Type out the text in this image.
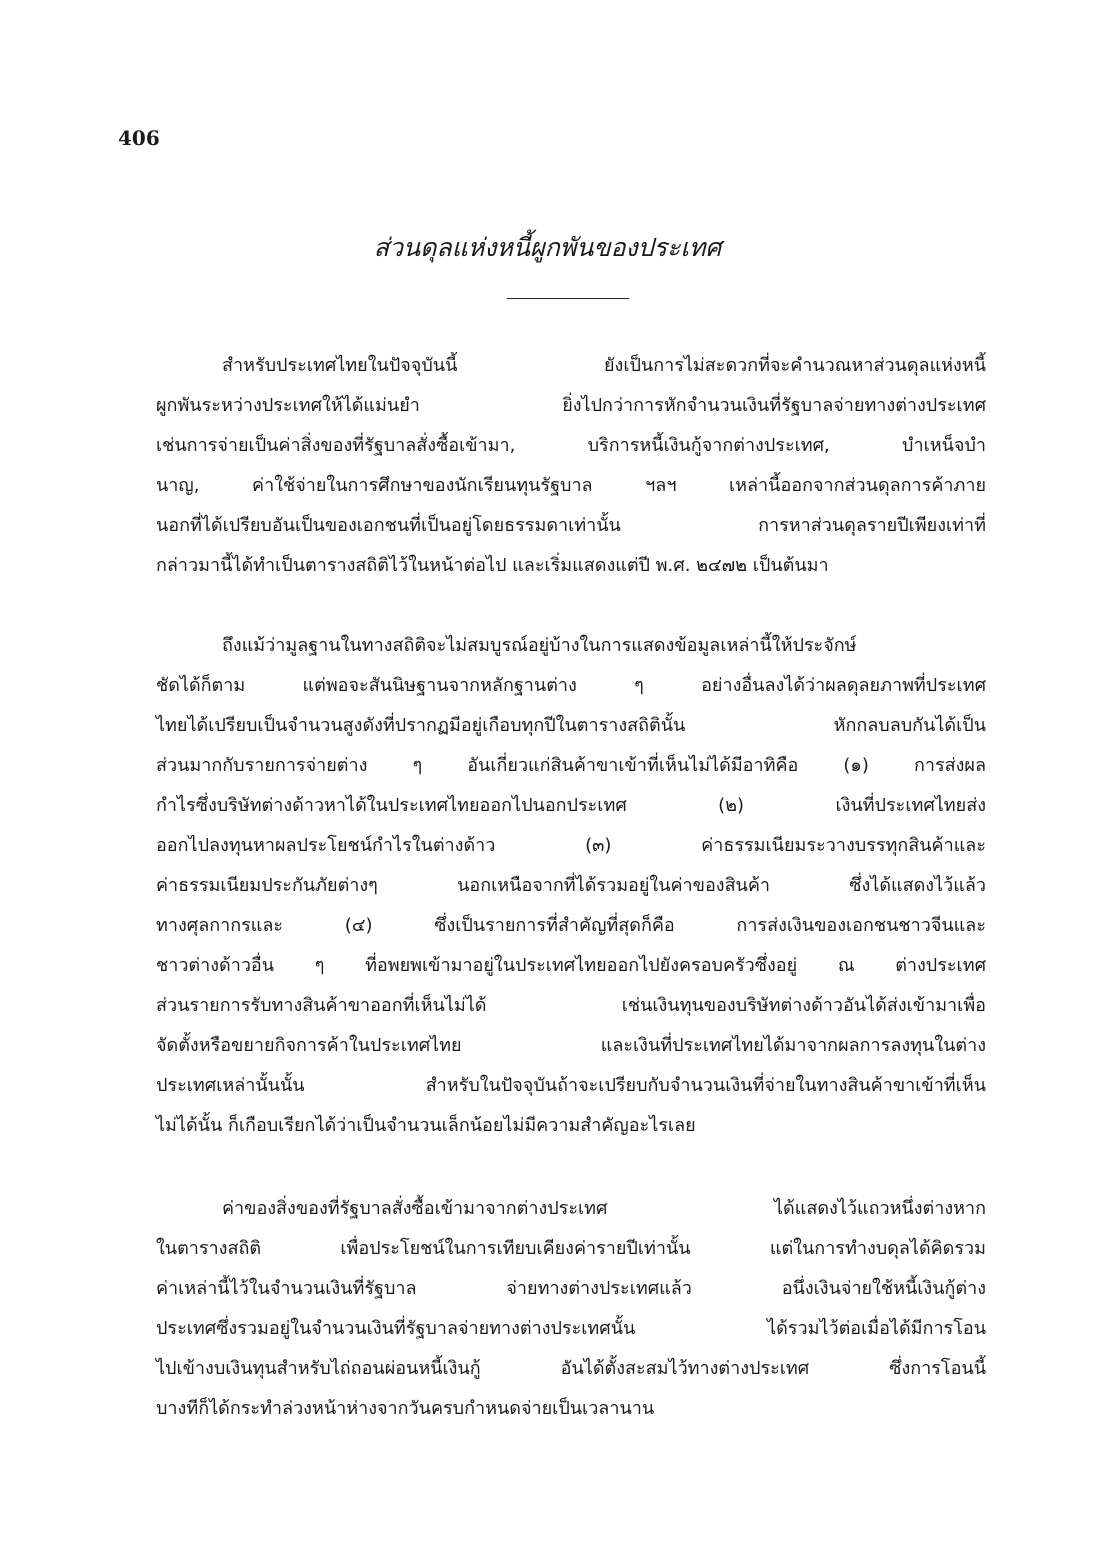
406
ส่วนดุลแห่งหนี้ผูกพันของประเทศ
สำหรับประเทศไทยในปัจจุบันนี้ ยังเป็นการไม่สะดวกที่จะคำนวณหาส่วนดุลแห่งหนี้
ผูกพันระหว่างประเทศให้ได้แม่นยำ ยิ่งไปกว่าการหักจำนวนเงินที่รัฐบาลจ่ายทางต่างประเทศ
เช่นการจ่ายเป็นค่าสิ่งของที่รัฐบาลสั่งซื้อเข้ามา, บริการหนี้เงินกู้จากต่างประเทศ, บำเหน็จบำ
นาญ, ค่าใช้จ่ายในการศึกษาของนักเรียนทุนรัฐบาล ฯลฯ เหล่านี้ออกจากส่วนดุลการค้าภาย
นอกที่ได้เปรียบอันเป็นของเอกชนที่เป็นอยู่โดยธรรมดาเท่านั้น การหาส่วนดุลรายปีเพียงเท่าที่
กล่าวมานี้ได้ทำเป็นตารางสถิติไว้ในหน้าต่อไป และเริ่มแสดงแต่ปี พ.ศ. ๒๔๗๒ เป็นต้นมา
ถึงแม้ว่ามูลฐานในทางสถิติจะไม่สมบูรณ์อยู่บ้างในการแสดงข้อมูลเหล่านี้ให้ประจักษ์
ชัดได้ก็ตาม แต่พอจะสันนิษฐานจากหลักฐานต่าง ๆ อย่างอื่นลงได้ว่าผลดุลยภาพที่ประเทศ
ไทยได้เปรียบเป็นจำนวนสูงดังที่ปรากฏมีอยู่เกือบทุกปีในตารางสถิตินั้น หักกลบลบกันได้เป็น
ส่วนมากกับรายการจ่ายต่าง ๆ อันเกี่ยวแก่สินค้าขาเข้าที่เห็นไม่ได้มีอาทิคือ (๑) การส่งผล
กำไรซึ่งบริษัทต่างด้าวหาได้ในประเทศไทยออกไปนอกประเทศ (๒) เงินที่ประเทศไทยส่ง
ออกไปลงทุนหาผลประโยชน์กำไรในต่างด้าว (๓) ค่าธรรมเนียมระวางบรรทุกสินค้าและ
ค่าธรรมเนียมประกันภัยต่างๆ นอกเหนือจากที่ได้รวมอยู่ในค่าของสินค้า ซึ่งได้แสดงไว้แล้ว
ทางศุลกากรและ (๔) ซึ่งเป็นรายการที่สำคัญที่สุดก็คือ การส่งเงินของเอกชนชาวจีนและ
ชาวต่างด้าวอื่น ๆ ที่อพยพเข้ามาอยู่ในประเทศไทยออกไปยังครอบครัวซึ่งอยู่ ณ ต่างประเทศ
ส่วนรายการรับทางสินค้าขาออกที่เห็นไม่ได้ เช่นเงินทุนของบริษัทต่างด้าวอันได้ส่งเข้ามาเพื่อ
จัดตั้งหรือขยายกิจการค้าในประเทศไทย และเงินที่ประเทศไทยได้มาจากผลการลงทุนในต่าง
ประเทศเหล่านั้นนั้น สำหรับในปัจจุบันถ้าจะเปรียบกับจำนวนเงินที่จ่ายในทางสินค้าขาเข้าที่เห็น
ไม่ได้นั้น ก็เกือบเรียกได้ว่าเป็นจำนวนเล็กน้อยไม่มีความสำคัญอะไรเลย
ค่าของสิ่งของที่รัฐบาลสั่งซื้อเข้ามาจากต่างประเทศ ได้แสดงไว้แถวหนึ่งต่างหาก
ในตารางสถิติ เพื่อประโยชน์ในการเทียบเคียงค่ารายปีเท่านั้น แต่ในการทำงบดุลได้คิดรวม
ค่าเหล่านี้ไว้ในจำนวนเงินที่รัฐบาล จ่ายทางต่างประเทศแล้ว อนึ่งเงินจ่ายใช้หนี้เงินกู้ต่าง
ประเทศซึ่งรวมอยู่ในจำนวนเงินที่รัฐบาลจ่ายทางต่างประเทศนั้น ได้รวมไว้ต่อเมื่อได้มีการโอน
ไปเข้างบเงินทุนสำหรับไถ่ถอนผ่อนหนี้เงินกู้ อันได้ตั้งสะสมไว้ทางต่างประเทศ ซึ่งการโอนนี้
บางทีก็ได้กระทำล่วงหน้าห่างจากวันครบกำหนดจ่ายเป็นเวลานาน
